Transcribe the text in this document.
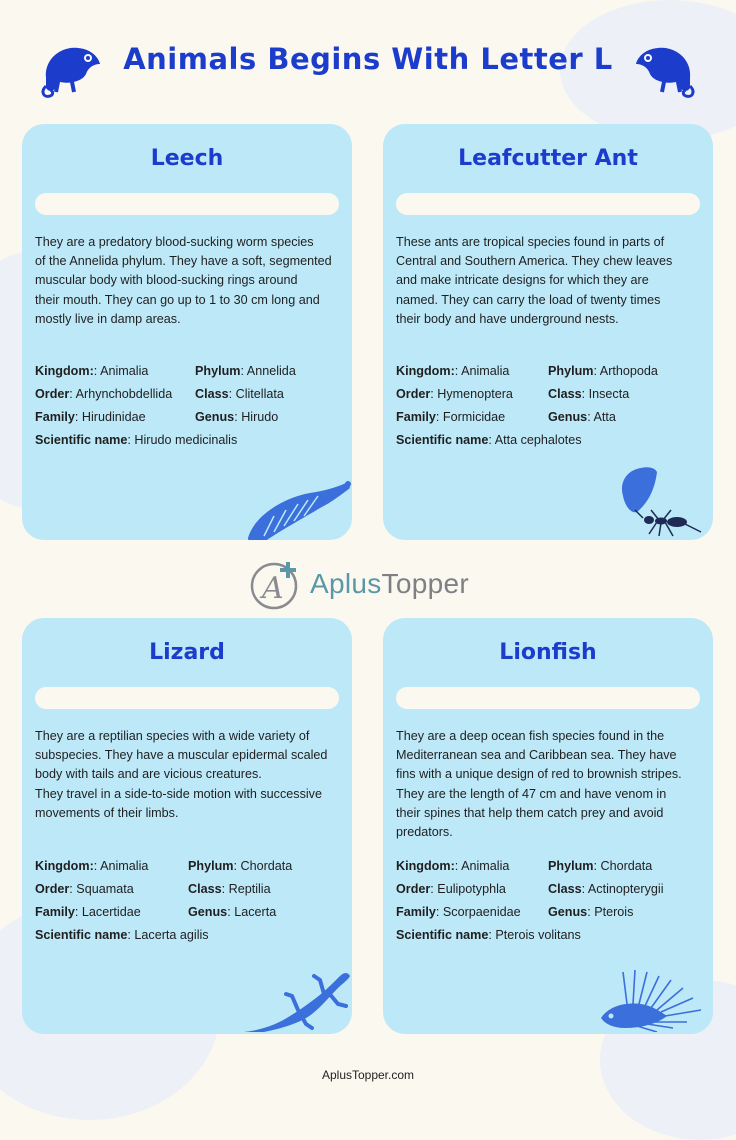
Animals Begins With Letter L
Leech
They are a predatory blood-sucking worm species
of the Annelida phylum. They have a soft, segmented
muscular body with blood-sucking rings around
their mouth. They can go up to 1 to 30 cm long and
mostly live in damp areas.
Kingdom:: Animalia	Phylum: Annelida
Order: Arhynchobdellida Class: Clitellata
Family: Hirudinidae	Genus: Hirudo
Scientific name: Hirudo medicinalis
Leafcutter Ant
These ants are tropical species found in parts of
Central and Southern America. They chew leaves
and make intricate designs for which they are
named. They can carry the load of twenty times
their body and have underground nests.
Kingdom:: Animalia	Phylum: Arthopoda
Order: Hymenoptera	Class: Insecta
Family: Formicidae	Genus: Atta
Scientific name: Atta cephalotes
A AplusTopper
Lizard
They are a reptilian species with a wide variety of
subspecies. They have a muscular epidermal scaled
body with tails and are vicious creatures.
They travel in a side-to-side motion with successive
movements of their limbs.
Kingdom:: Animalia	Phylum: Chordata
Order: Squamata	Class: Reptilia
Family: Lacertidae	Genus: Lacerta
Scientific name: Lacerta agilis
Lionfish
They are a deep ocean fish species found in the
Mediterranean sea and Caribbean sea. They have
fins with a unique design of red to brownish stripes.
They are the length of 47 cm and have venom in
their spines that help them catch prey and avoid
predators.
Kingdom:: Animalia	Phylum: Chordata
Order: Eulipotyphla	Class: Actinopterygii
Family: Scorpaenidae Genus: Pterois
Scientific name: Pterois volitans
AplusTopper.com
